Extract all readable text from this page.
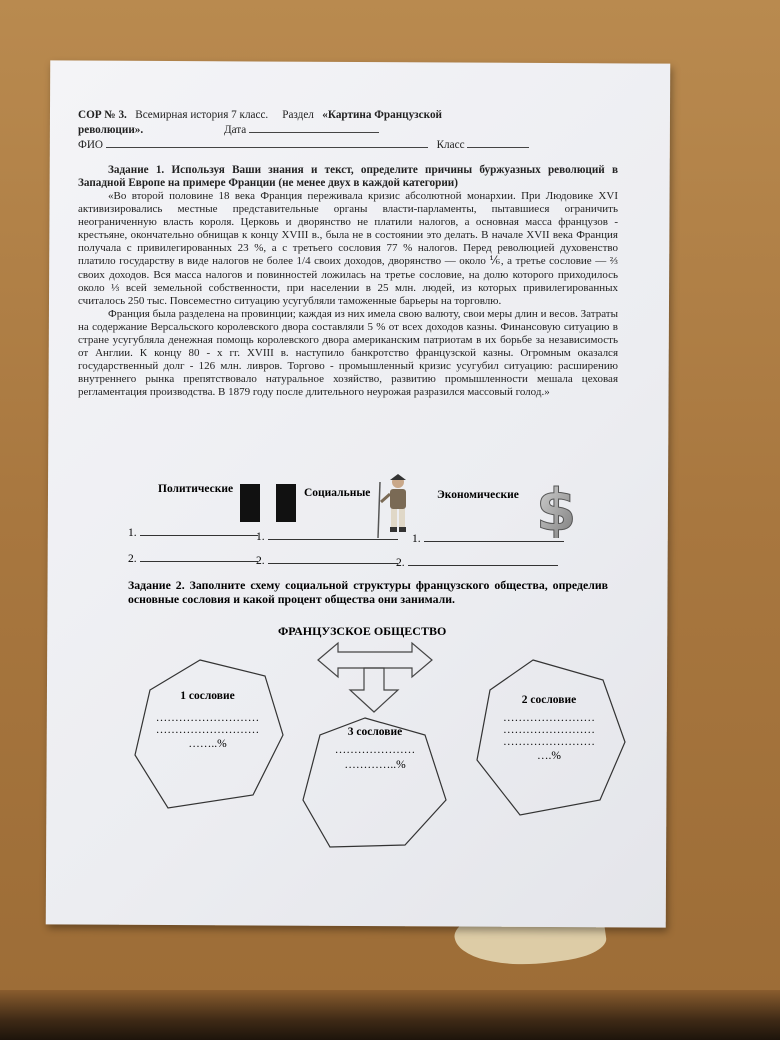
СОР № 3. Всемирная история 7 класс. Раздел «Картина Французской
революции».	Дата
ФИО	Класс
Задание 1. Используя Ваши знания и текст, определите причины буржуазных революций в Западной Европе на примере Франции (не менее двух в каждой категории)

«Во второй половине 18 века Франция переживала кризис абсолютной монархии. При Людовике XVI активизировались местные представительные органы власти-парламенты, пытавшиеся ограничить неограниченную власть короля. Церковь и дворянство не платили налогов, а основная масса французов - крестьяне, окончательно обнищав к концу XVIII в., была не в состоянии это делать. В начале XVII века Франция получала с привилегированных 23 %, а с третьего сословия 77 % налогов. Перед революцией духовенство платило государству в виде налогов не более 1/4 своих доходов, дворянство — около ⅙, а третье сословие — ⅔ своих доходов. Вся масса налогов и повинностей ложилась на третье сословие, на долю которого приходилось около ⅓ всей земельной собственности, при населении в 25 млн. людей, из которых привилегированных считалось 250 тыс. Повсеместно ситуацию усугубляли таможенные барьеры на торговлю.

Франция была разделена на провинции; каждая из них имела свою валюту, свои меры длин и весов. Затраты на содержание Версальского королевского двора составляли 5 % от всех доходов казны. Финансовую ситуацию в стране усугубляла денежная помощь королевского двора американским патриотам в их борьбе за независимость от Англии. К концу 80 - х гг. XVIII в. наступило банкротство французской казны. Огромным оказался государственный долг - 126 млн. ливров. Торгово - промышленный кризис усугубил ситуацию: расширению внутреннего рынка препятствовало натуральное хозяйство, развитию промышленности мешала цеховая регламентация производства. В 1879 году после длительного неурожая разразился массовый голод.»

Политические	Социальные	Экономические $
1.	1.	1.
2.	2.	2.
Задание 2. Заполните схему социальной структуры французского общества, определив основные сословия и какой процент общества они занимали.
ФРАНЦУЗСКОЕ ОБЩЕСТВО
1 сословие
………………………
………………………
……..%
3 сословие
…………………
…………..%
2 сословие
……………………
……………………
……………………
….%
